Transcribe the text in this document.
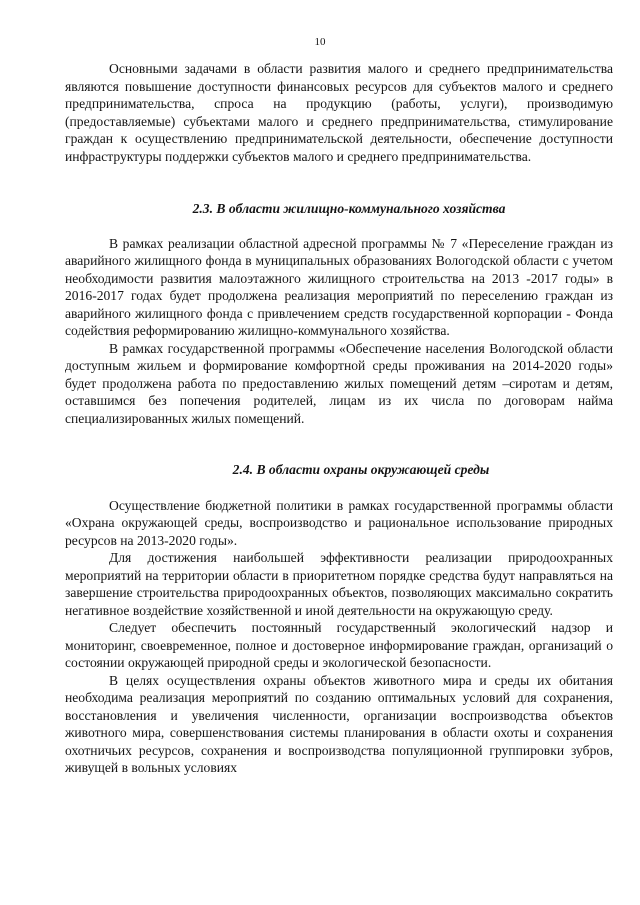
10

Основными задачами в области развития малого и среднего предпринимательства являются повышение доступности финансовых ресурсов для субъектов малого и среднего предпринимательства, спроса на продукцию (работы, услуги), производимую (предоставляемые) субъектами малого и среднего предпринимательства, стимулирование граждан к осуществлению предпринимательской деятельности, обеспечение доступности инфраструктуры поддержки субъектов малого и среднего предпринимательства.

2.3. В области жилищно-коммунального хозяйства

В рамках реализации областной адресной программы № 7 «Переселение граждан из аварийного жилищного фонда в муниципальных образованиях Вологодской области с учетом необходимости развития малоэтажного жилищного строительства на 2013 -2017 годы» в 2016-2017 годах будет продолжена реализация мероприятий по переселению граждан из аварийного жилищного фонда с привлечением средств государственной корпорации - Фонда содействия реформированию жилищно-коммунального хозяйства.

В рамках государственной программы «Обеспечение населения Вологодской области доступным жильем и формирование комфортной среды проживания на 2014-2020 годы» будет продолжена работа по предоставлению жилых помещений детям –сиротам и детям, оставшимся без попечения родителей, лицам из их числа по договорам найма специализированных жилых помещений.

2.4. В области охраны окружающей среды

Осуществление бюджетной политики в рамках государственной программы области «Охрана окружающей среды, воспроизводство и рациональное использование природных ресурсов на 2013-2020 годы».

Для достижения наибольшей эффективности реализации природоохранных мероприятий на территории области в приоритетном порядке средства будут направляться на завершение строительства природоохранных объектов, позволяющих максимально сократить негативное воздействие хозяйственной и иной деятельности на окружающую среду.

Следует обеспечить постоянный государственный экологический надзор и мониторинг, своевременное, полное и достоверное информирование граждан, организаций о состоянии окружающей природной среды и экологической безопасности.

В целях осуществления охраны объектов животного мира и среды их обитания необходима реализация мероприятий по созданию оптимальных условий для сохранения, восстановления и увеличения численности, организации воспроизводства объектов животного мира, совершенствования системы планирования в области охоты и сохранения охотничьих ресурсов, сохранения и воспроизводства популяционной группировки зубров, живущей в вольных условиях
